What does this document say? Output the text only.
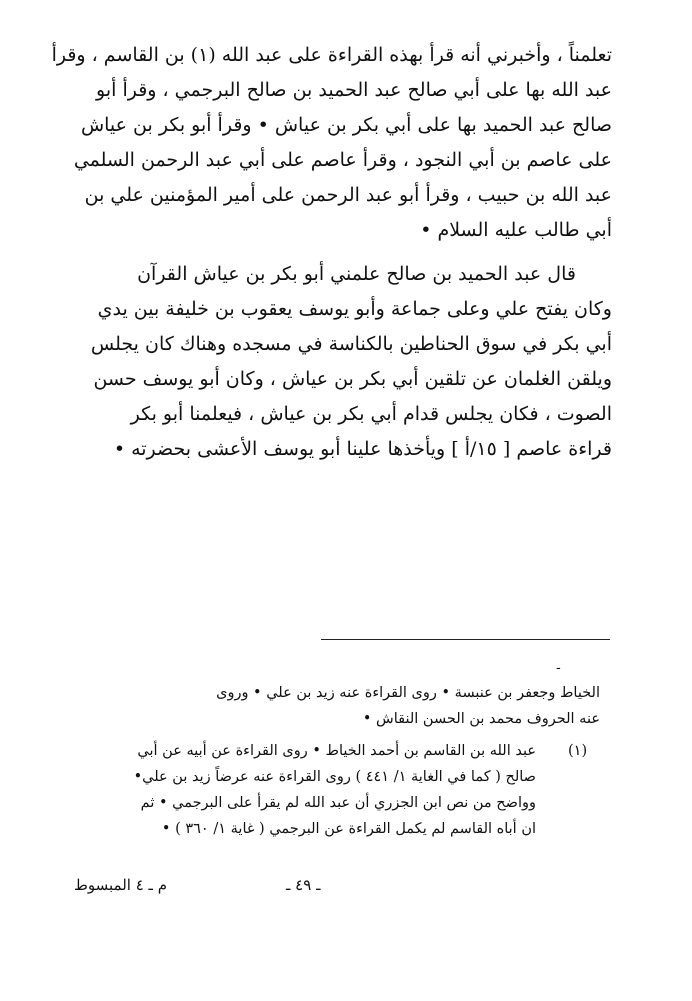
تعلمناً ، وأخبرني أنه قرأ بهذه القراءة على عبد الله (١) بن القاسم ، وقرأ
عبد الله بها على أبي صالح عبد الحميد بن صالح البرجمي ، وقرأ أبو
صالح عبد الحميد بها على أبي بكر بن عياش • وقرأ أبو بكر بن عياش
على عاصم بن أبي النجود ، وقرأ عاصم على أبي عبد الرحمن السلمي
عبد الله بن حبيب ، وقرأ أبو عبد الرحمن على أمير المؤمنين علي بن
أبي طالب عليه السلام •
قال عبد الحميد بن صالح علمني أبو بكر بن عياش القرآن
وكان يفتح علي وعلى جماعة وأبو يوسف يعقوب بن خليفة بين يدي
أبي بكر في سوق الحناطين بالكناسة في مسجده وهناك كان يجلس
ويلقن الغلمان عن تلقين أبي بكر بن عياش ، وكان أبو يوسف حسن
الصوت ، فكان يجلس قدام أبي بكر بن عياش ، فيعلمنا أبو بكر
قراءة عاصم [ ١٥/أ ] ويأخذها علينا أبو يوسف الأعشى بحضرته •
-
الخياط وجعفر بن عنبسة • روى القراءة عنه زيد بن علي • وروى
عنه الحروف محمد بن الحسن النقاش •
(١)
عبد الله بن القاسم بن أحمد الخياط • روى القراءة عن أبيه عن أبي
صالح ( كما في الغاية ١/ ٤٤١ ) روى القراءة عنه عرضاً زيد بن علي•
وواضح من نص ابن الجزري أن عبد الله لم يقرأ على البرجمي • ثم
ان أباه القاسم لم يكمل القراءة عن البرجمي ( غاية ١/ ٣٦٠ ) •
ـ ٤٩ ـ
م ـ ٤ المبسوط
